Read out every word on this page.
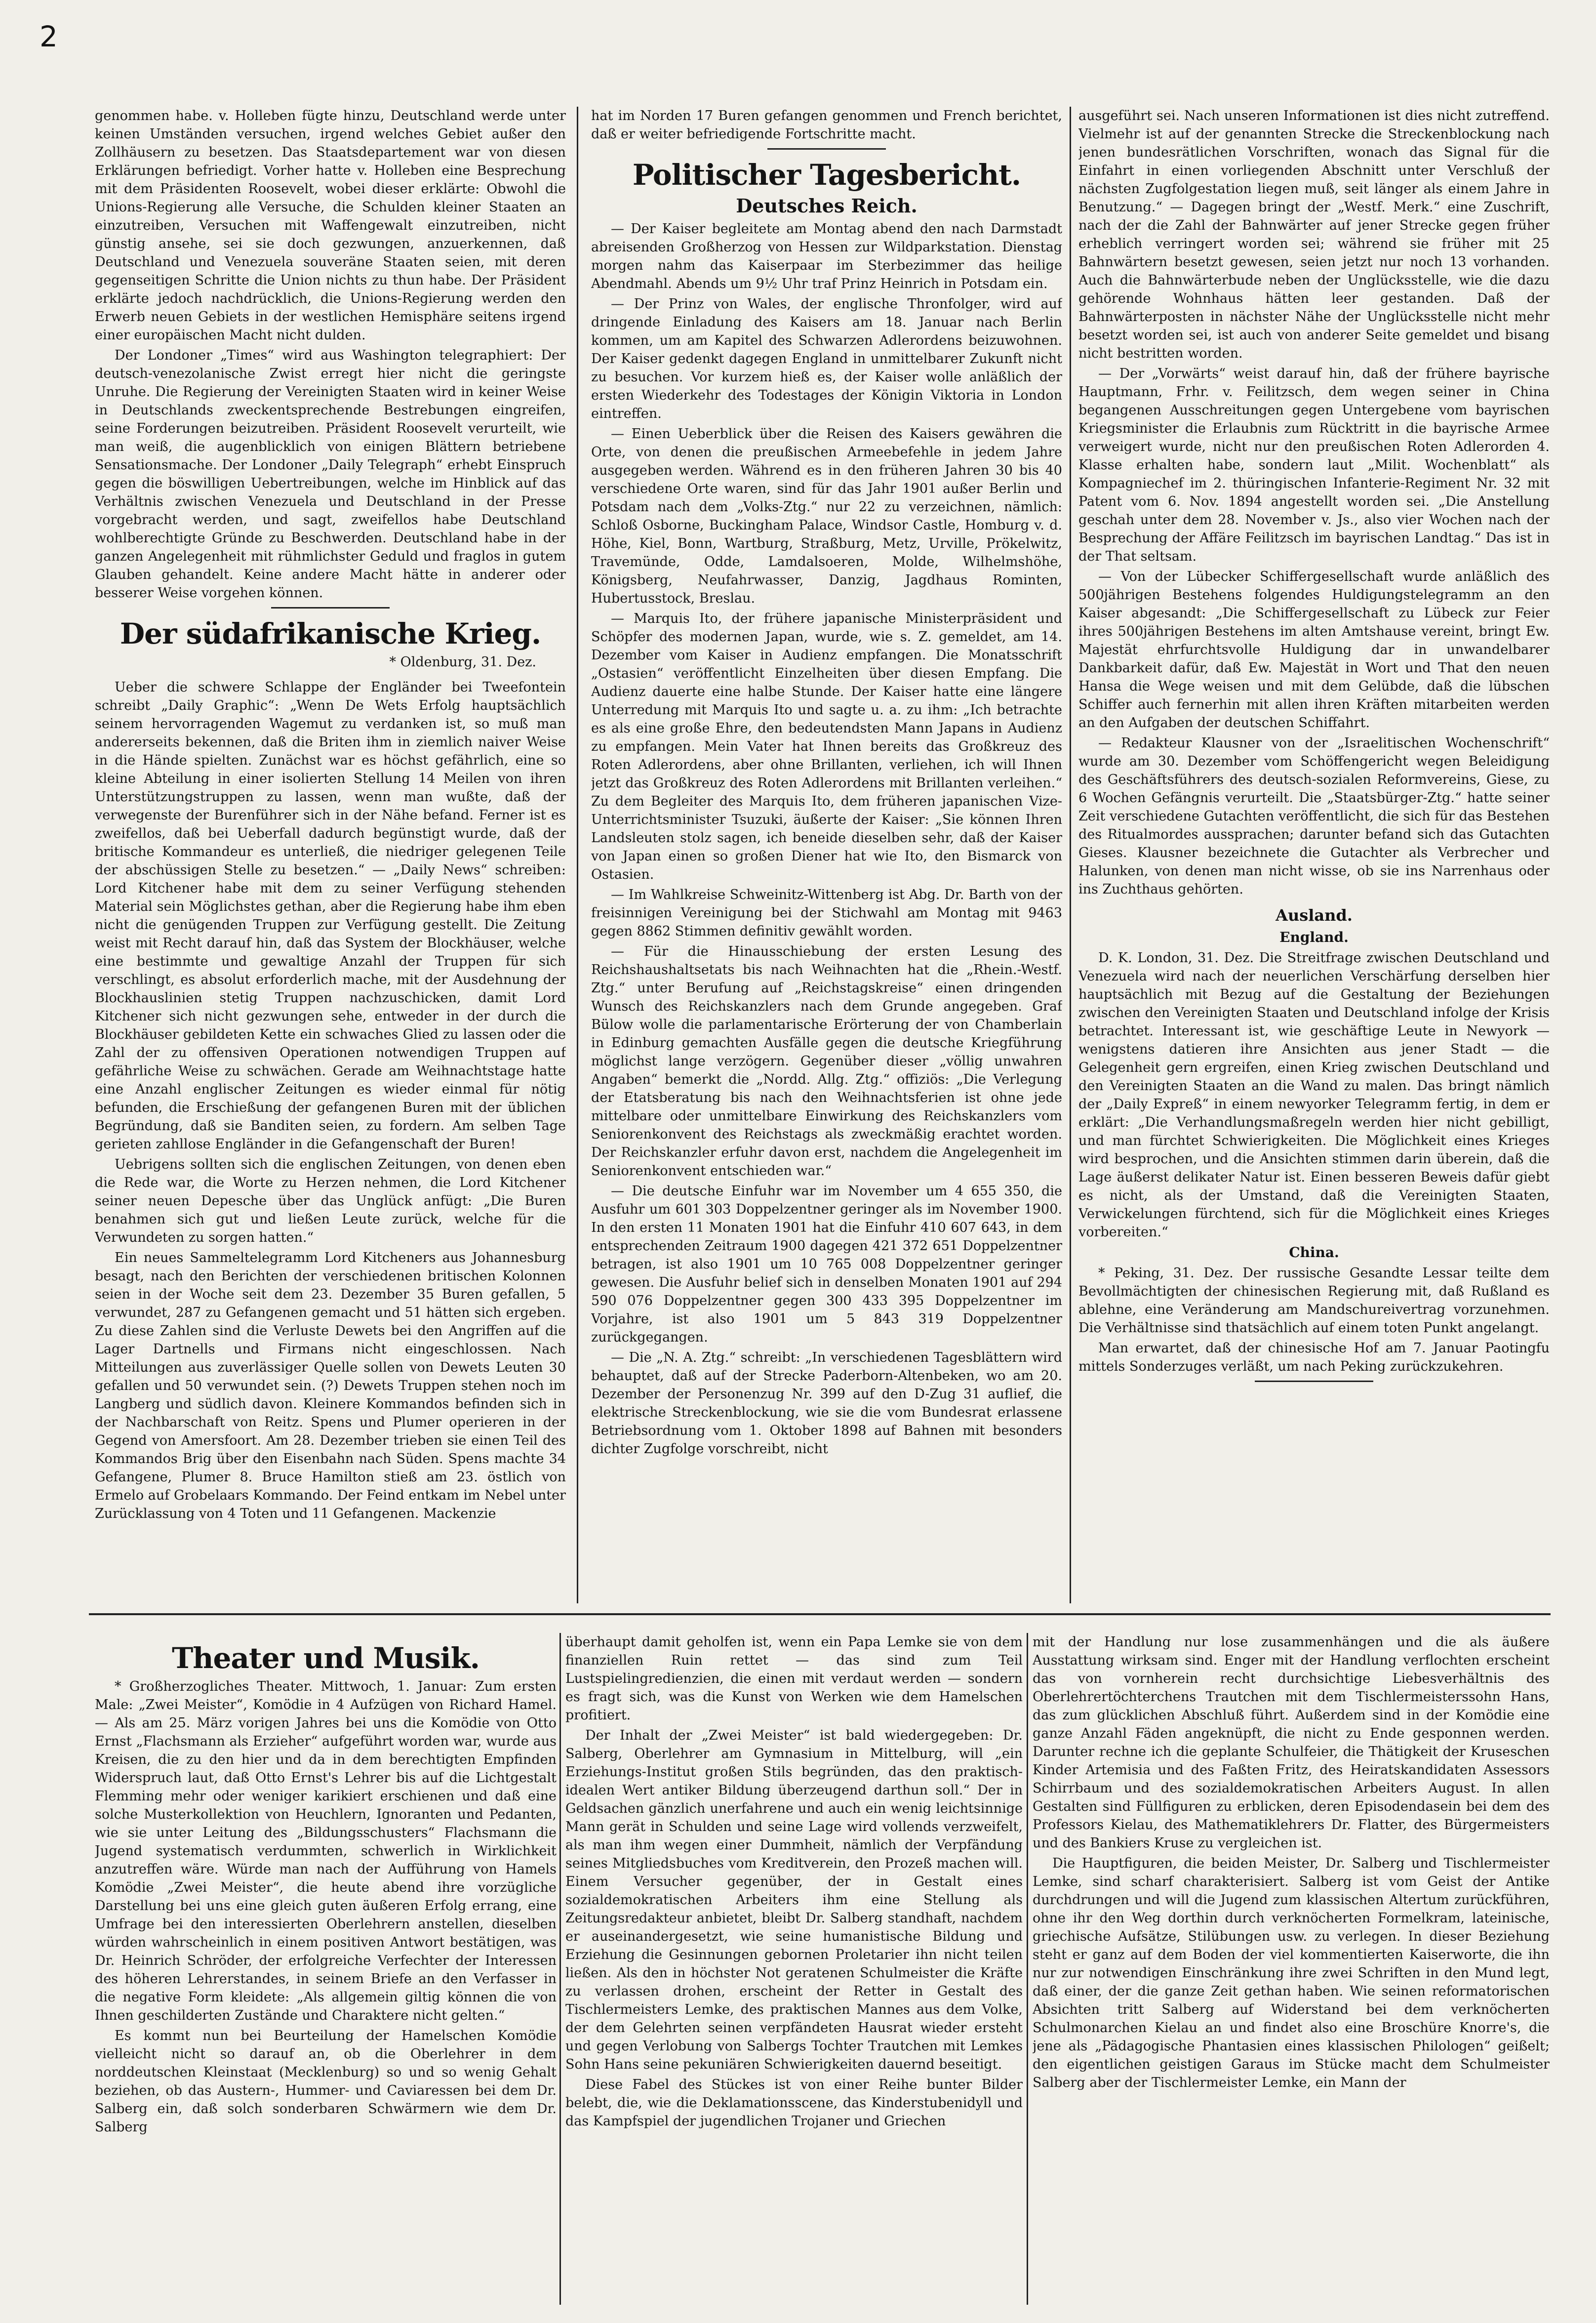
2

genommen habe. v. Holleben fügte hinzu, Deutschland werde unter keinen Umständen versuchen, irgend welches Gebiet außer den Zollhäusern zu besetzen. Das Staatsdepartement war von diesen Erklärungen befriedigt. Vorher hatte v. Holleben eine Besprechung mit dem Präsidenten Roosevelt, wobei dieser erklärte: Obwohl die Unions-Regierung alle Versuche, die Schulden kleiner Staaten an einzutreiben, Versuchen mit Waffengewalt einzutreiben, nicht günstig ansehe, sei sie doch gezwungen, anzuerkennen, daß Deutschland und Venezuela souveräne Staaten seien, mit deren gegenseitigen Schritte die Union nichts zu thun habe. Der Präsident erklärte jedoch nachdrücklich, die Unions-Regierung werden den Erwerb neuen Gebiets in der westlichen Hemisphäre seitens irgend einer europäischen Macht nicht dulden.

Der Londoner „Times“ wird aus Washington telegraphiert: Der deutsch-venezolanische Zwist erregt hier nicht die geringste Unruhe. Die Regierung der Vereinigten Staaten wird in keiner Weise in Deutschlands zweckentsprechende Bestrebungen eingreifen, seine Forderungen beizutreiben. Präsident Roosevelt verurteilt, wie man weiß, die augenblicklich von einigen Blättern betriebene Sensationsmache. Der Londoner „Daily Telegraph“ erhebt Einspruch gegen die böswilligen Uebertreibungen, welche im Hinblick auf das Verhältnis zwischen Venezuela und Deutschland in der Presse vorgebracht werden, und sagt, zweifellos habe Deutschland wohlberechtigte Gründe zu Beschwerden. Deutschland habe in der ganzen Angelegenheit mit rühmlichster Geduld und fraglos in gutem Glauben gehandelt. Keine andere Macht hätte in anderer oder besserer Weise vorgehen können.

Der südafrikanische Krieg.
* Oldenburg, 31. Dez.

Ueber die schwere Schlappe der Engländer bei Tweefontein schreibt „Daily Graphic“: „Wenn De Wets Erfolg hauptsächlich seinem hervorragenden Wagemut zu verdanken ist, so muß man andererseits bekennen, daß die Briten ihm in ziemlich naiver Weise in die Hände spielten. Zunächst war es höchst gefährlich, eine so kleine Abteilung in einer isolierten Stellung 14 Meilen von ihren Unterstützungstruppen zu lassen, wenn man wußte, daß der verwegenste der Burenführer sich in der Nähe befand. Ferner ist es zweifellos, daß bei Ueberfall dadurch begünstigt wurde, daß der britische Kommandeur es unterließ, die niedriger gelegenen Teile der abschüssigen Stelle zu besetzen.“ — „Daily News“ schreiben: Lord Kitchener habe mit dem zu seiner Verfügung stehenden Material sein Möglichstes gethan, aber die Regierung habe ihm eben nicht die genügenden Truppen zur Verfügung gestellt. Die Zeitung weist mit Recht darauf hin, daß das System der Blockhäuser, welche eine bestimmte und gewaltige Anzahl der Truppen für sich verschlingt, es absolut erforderlich mache, mit der Ausdehnung der Blockhauslinien stetig Truppen nachzuschicken, damit Lord Kitchener sich nicht gezwungen sehe, entweder in der durch die Blockhäuser gebildeten Kette ein schwaches Glied zu lassen oder die Zahl der zu offensiven Operationen notwendigen Truppen auf gefährliche Weise zu schwächen. Gerade am Weihnachtstage hatte eine Anzahl englischer Zeitungen es wieder einmal für nötig befunden, die Erschießung der gefangenen Buren mit der üblichen Begründung, daß sie Banditen seien, zu fordern. Am selben Tage gerieten zahllose Engländer in die Gefangenschaft der Buren!

Uebrigens sollten sich die englischen Zeitungen, von denen eben die Rede war, die Worte zu Herzen nehmen, die Lord Kitchener seiner neuen Depesche über das Unglück anfügt: „Die Buren benahmen sich gut und ließen Leute zurück, welche für die Verwundeten zu sorgen hatten.“

Ein neues Sammeltelegramm Lord Kitcheners aus Johannesburg besagt, nach den Berichten der verschiedenen britischen Kolonnen seien in der Woche seit dem 23. Dezember 35 Buren gefallen, 5 verwundet, 287 zu Gefangenen gemacht und 51 hätten sich ergeben. Zu diese Zahlen sind die Verluste Dewets bei den Angriffen auf die Lager Dartnells und Firmans nicht eingeschlossen. Nach Mitteilungen aus zuverlässiger Quelle sollen von Dewets Leuten 30 gefallen und 50 verwundet sein. (?) Dewets Truppen stehen noch im Langberg und südlich davon. Kleinere Kommandos befinden sich in der Nachbarschaft von Reitz. Spens und Plumer operieren in der Gegend von Amersfoort. Am 28. Dezember trieben sie einen Teil des Kommandos Brig über den Eisenbahn nach Süden. Spens machte 34 Gefangene, Plumer 8. Bruce Hamilton stieß am 23. östlich von Ermelo auf Grobelaars Kommando. Der Feind entkam im Nebel unter Zurücklassung von 4 Toten und 11 Gefangenen. Mackenzie

hat im Norden 17 Buren gefangen genommen und French berichtet, daß er weiter befriedigende Fortschritte macht.

Politischer Tagesbericht.
Deutsches Reich.

— Der Kaiser begleitete am Montag abend den nach Darmstadt abreisenden Großherzog von Hessen zur Wildparkstation. Dienstag morgen nahm das Kaiserpaar im Sterbezimmer das heilige Abendmahl. Abends um 9½ Uhr traf Prinz Heinrich in Potsdam ein.

— Der Prinz von Wales, der englische Thronfolger, wird auf dringende Einladung des Kaisers am 18. Januar nach Berlin kommen, um am Kapitel des Schwarzen Adlerordens beizuwohnen. Der Kaiser gedenkt dagegen England in unmittelbarer Zukunft nicht zu besuchen. Vor kurzem hieß es, der Kaiser wolle anläßlich der ersten Wiederkehr des Todestages der Königin Viktoria in London eintreffen.

— Einen Ueberblick über die Reisen des Kaisers gewähren die Orte, von denen die preußischen Armeebefehle in jedem Jahre ausgegeben werden. Während es in den früheren Jahren 30 bis 40 verschiedene Orte waren, sind für das Jahr 1901 außer Berlin und Potsdam nach dem „Volks-Ztg.“ nur 22 zu verzeichnen, nämlich: Schloß Osborne, Buckingham Palace, Windsor Castle, Homburg v. d. Höhe, Kiel, Bonn, Wartburg, Straßburg, Metz, Urville, Prökelwitz, Travemünde, Odde, Lamdalsoeren, Molde, Wilhelmshöhe, Königsberg, Neufahrwasser, Danzig, Jagdhaus Rominten, Hubertusstock, Breslau.

— Marquis Ito, der frühere japanische Ministerpräsident und Schöpfer des modernen Japan, wurde, wie s. Z. gemeldet, am 14. Dezember vom Kaiser in Audienz empfangen. Die Monatsschrift „Ostasien“ veröffentlicht Einzelheiten über diesen Empfang. Die Audienz dauerte eine halbe Stunde. Der Kaiser hatte eine längere Unterredung mit Marquis Ito und sagte u. a. zu ihm: „Ich betrachte es als eine große Ehre, den bedeutendsten Mann Japans in Audienz zu empfangen. Mein Vater hat Ihnen bereits das Großkreuz des Roten Adlerordens, aber ohne Brillanten, verliehen, ich will Ihnen jetzt das Großkreuz des Roten Adlerordens mit Brillanten verleihen.“ Zu dem Begleiter des Marquis Ito, dem früheren japanischen Vize-Unterrichtsminister Tsuzuki, äußerte der Kaiser: „Sie können Ihren Landsleuten stolz sagen, ich beneide dieselben sehr, daß der Kaiser von Japan einen so großen Diener hat wie Ito, den Bismarck von Ostasien.

— Im Wahlkreise Schweinitz-Wittenberg ist Abg. Dr. Barth von der freisinnigen Vereinigung bei der Stichwahl am Montag mit 9463 gegen 8862 Stimmen definitiv gewählt worden.

— Für die Hinausschiebung der ersten Lesung des Reichshaushaltsetats bis nach Weihnachten hat die „Rhein.-Westf. Ztg.“ unter Berufung auf „Reichstagskreise“ einen dringenden Wunsch des Reichskanzlers nach dem Grunde angegeben. Graf Bülow wolle die parlamentarische Erörterung der von Chamberlain in Edinburg gemachten Ausfälle gegen die deutsche Kriegführung möglichst lange verzögern. Gegenüber dieser „völlig unwahren Angaben“ bemerkt die „Nordd. Allg. Ztg.“ offiziös: „Die Verlegung der Etatsberatung bis nach den Weihnachtsferien ist ohne jede mittelbare oder unmittelbare Einwirkung des Reichskanzlers vom Seniorenkonvent des Reichstags als zweckmäßig erachtet worden. Der Reichskanzler erfuhr davon erst, nachdem die Angelegenheit im Seniorenkonvent entschieden war.“

— Die deutsche Einfuhr war im November um 4 655 350, die Ausfuhr um 601 303 Doppelzentner geringer als im November 1900. In den ersten 11 Monaten 1901 hat die Einfuhr 410 607 643, in dem entsprechenden Zeitraum 1900 dagegen 421 372 651 Doppelzentner betragen, ist also 1901 um 10 765 008 Doppelzentner geringer gewesen. Die Ausfuhr belief sich in denselben Monaten 1901 auf 294 590 076 Doppelzentner gegen 300 433 395 Doppelzentner im Vorjahre, ist also 1901 um 5 843 319 Doppelzentner zurückgegangen.

— Die „N. A. Ztg.“ schreibt: „In verschiedenen Tagesblättern wird behauptet, daß auf der Strecke Paderborn-Altenbeken, wo am 20. Dezember der Personenzug Nr. 399 auf den D-Zug 31 auflief, die elektrische Streckenblockung, wie sie die vom Bundesrat erlassene Betriebsordnung vom 1. Oktober 1898 auf Bahnen mit besonders dichter Zugfolge vorschreibt, nicht

ausgeführt sei. Nach unseren Informationen ist dies nicht zutreffend. Vielmehr ist auf der genannten Strecke die Streckenblockung nach jenen bundesrätlichen Vorschriften, wonach das Signal für die Einfahrt in einen vorliegenden Abschnitt unter Verschluß der nächsten Zugfolgestation liegen muß, seit länger als einem Jahre in Benutzung.“ — Dagegen bringt der „Westf. Merk.“ eine Zuschrift, nach der die Zahl der Bahnwärter auf jener Strecke gegen früher erheblich verringert worden sei; während sie früher mit 25 Bahnwärtern besetzt gewesen, seien jetzt nur noch 13 vorhanden. Auch die Bahnwärterbude neben der Unglücksstelle, wie die dazu gehörende Wohnhaus hätten leer gestanden. Daß der Bahnwärterposten in nächster Nähe der Unglücksstelle nicht mehr besetzt worden sei, ist auch von anderer Seite gemeldet und bisang nicht bestritten worden.

— Der „Vorwärts“ weist darauf hin, daß der frühere bayrische Hauptmann, Frhr. v. Feilitzsch, dem wegen seiner in China begangenen Ausschreitungen gegen Untergebene vom bayrischen Kriegsminister die Erlaubnis zum Rücktritt in die bayrische Armee verweigert wurde, nicht nur den preußischen Roten Adlerorden 4. Klasse erhalten habe, sondern laut „Milit. Wochenblatt“ als Kompagniechef im 2. thüringischen Infanterie-Regiment Nr. 32 mit Patent vom 6. Nov. 1894 angestellt worden sei. „Die Anstellung geschah unter dem 28. November v. Js., also vier Wochen nach der Besprechung der Affäre Feilitzsch im bayrischen Landtag.“ Das ist in der That seltsam.

— Von der Lübecker Schiffergesellschaft wurde anläßlich des 500jährigen Bestehens folgendes Huldigungstelegramm an den Kaiser abgesandt: „Die Schiffergesellschaft zu Lübeck zur Feier ihres 500jährigen Bestehens im alten Amtshause vereint, bringt Ew. Majestät ehrfurchtsvolle Huldigung dar in unwandelbarer Dankbarkeit dafür, daß Ew. Majestät in Wort und That den neuen Hansa die Wege weisen und mit dem Gelübde, daß die lübschen Schiffer auch fernerhin mit allen ihren Kräften mitarbeiten werden an den Aufgaben der deutschen Schiffahrt.

— Redakteur Klausner von der „Israelitischen Wochenschrift“ wurde am 30. Dezember vom Schöffengericht wegen Beleidigung des Geschäftsführers des deutsch-sozialen Reformvereins, Giese, zu 6 Wochen Gefängnis verurteilt. Die „Staatsbürger-Ztg.“ hatte seiner Zeit verschiedene Gutachten veröffentlicht, die sich für das Bestehen des Ritualmordes aussprachen; darunter befand sich das Gutachten Gieses. Klausner bezeichnete die Gutachter als Verbrecher und Halunken, von denen man nicht wisse, ob sie ins Narrenhaus oder ins Zuchthaus gehörten.

Ausland.
England.

D. K. London, 31. Dez. Die Streitfrage zwischen Deutschland und Venezuela wird nach der neuerlichen Verschärfung derselben hier hauptsächlich mit Bezug auf die Gestaltung der Beziehungen zwischen den Vereinigten Staaten und Deutschland infolge der Krisis betrachtet. Interessant ist, wie geschäftige Leute in Newyork — wenigstens datieren ihre Ansichten aus jener Stadt — die Gelegenheit gern ergreifen, einen Krieg zwischen Deutschland und den Vereinigten Staaten an die Wand zu malen. Das bringt nämlich der „Daily Expreß“ in einem newyorker Telegramm fertig, in dem er erklärt: „Die Verhandlungsmaßregeln werden hier nicht gebilligt, und man fürchtet Schwierigkeiten. Die Möglichkeit eines Krieges wird besprochen, und die Ansichten stimmen darin überein, daß die Lage äußerst delikater Natur ist. Einen besseren Beweis dafür giebt es nicht, als der Umstand, daß die Vereinigten Staaten, Verwickelungen fürchtend, sich für die Möglichkeit eines Krieges vorbereiten.“

China.

* Peking, 31. Dez. Der russische Gesandte Lessar teilte dem Bevollmächtigten der chinesischen Regierung mit, daß Rußland es ablehne, eine Veränderung am Mandschureivertrag vorzunehmen. Die Verhältnisse sind thatsächlich auf einem toten Punkt angelangt.

Man erwartet, daß der chinesische Hof am 7. Januar Paotingfu mittels Sonderzuges verläßt, um nach Peking zurückzukehren.

Theater und Musik.

* Großherzogliches Theater. Mittwoch, 1. Januar: Zum ersten Male: „Zwei Meister“, Komödie in 4 Aufzügen von Richard Hamel. — Als am 25. März vorigen Jahres bei uns die Komödie von Otto Ernst „Flachsmann als Erzieher“ aufgeführt worden war, wurde aus Kreisen, die zu den hier und da in dem berechtigten Empfinden Widerspruch laut, daß Otto Ernst's Lehrer bis auf die Lichtgestalt Flemming mehr oder weniger karikiert erschienen und daß eine solche Musterkollektion von Heuchlern, Ignoranten und Pedanten, wie sie unter Leitung des „Bildungsschusters“ Flachsmann die Jugend systematisch verdummten, schwerlich in Wirklichkeit anzutreffen wäre. Würde man nach der Aufführung von Hamels Komödie „Zwei Meister“, die heute abend ihre vorzügliche Darstellung bei uns eine gleich guten äußeren Erfolg errang, eine Umfrage bei den interessierten Oberlehrern anstellen, dieselben würden wahrscheinlich in einem positiven Antwort bestätigen, was Dr. Heinrich Schröder, der erfolgreiche Verfechter der Interessen des höheren Lehrerstandes, in seinem Briefe an den Verfasser in die negative Form kleidete: „Als allgemein giltig können die von Ihnen geschilderten Zustände und Charaktere nicht gelten.“

Es kommt nun bei Beurteilung der Hamelschen Komödie vielleicht nicht so darauf an, ob die Oberlehrer in dem norddeutschen Kleinstaat (Mecklenburg) so und so wenig Gehalt beziehen, ob das Austern-, Hummer- und Caviaressen bei dem Dr. Salberg ein, daß solch sonderbaren Schwärmern wie dem Dr. Salberg

überhaupt damit geholfen ist, wenn ein Papa Lemke sie von dem finanziellen Ruin rettet — das sind zum Teil Lustspielingredienzien, die einen mit verdaut werden — sondern es fragt sich, was die Kunst von Werken wie dem Hamelschen profitiert.

Der Inhalt der „Zwei Meister“ ist bald wiedergegeben: Dr. Salberg, Oberlehrer am Gymnasium in Mittelburg, will „ein Erziehungs-Institut großen Stils begründen, das den praktisch-idealen Wert antiker Bildung überzeugend darthun soll.“ Der in Geldsachen gänzlich unerfahrene und auch ein wenig leichtsinnige Mann gerät in Schulden und seine Lage wird vollends verzweifelt, als man ihm wegen einer Dummheit, nämlich der Verpfändung seines Mitgliedsbuches vom Kreditverein, den Prozeß machen will. Einem Versucher gegenüber, der in Gestalt eines sozialdemokratischen Arbeiters ihm eine Stellung als Zeitungsredakteur anbietet, bleibt Dr. Salberg standhaft, nachdem er auseinandergesetzt, wie seine humanistische Bildung und Erziehung die Gesinnungen gebornen Proletarier ihn nicht teilen ließen. Als den in höchster Not geratenen Schulmeister die Kräfte zu verlassen drohen, erscheint der Retter in Gestalt des Tischlermeisters Lemke, des praktischen Mannes aus dem Volke, der dem Gelehrten seinen verpfändeten Hausrat wieder ersteht und gegen Verlobung von Salbergs Tochter Trautchen mit Lemkes Sohn Hans seine pekuniären Schwierigkeiten dauernd beseitigt.

Diese Fabel des Stückes ist von einer Reihe bunter Bilder belebt, die, wie die Deklamationsscene, das Kinderstubenidyll und das Kampfspiel der jugendlichen Trojaner und Griechen

mit der Handlung nur lose zusammenhängen und die als äußere Ausstattung wirksam sind. Enger mit der Handlung verflochten erscheint das von vornherein recht durchsichtige Liebesverhältnis des Oberlehrertöchterchens Trautchen mit dem Tischlermeisterssohn Hans, das zum glücklichen Abschluß führt. Außerdem sind in der Komödie eine ganze Anzahl Fäden angeknüpft, die nicht zu Ende gesponnen werden. Darunter rechne ich die geplante Schulfeier, die Thätigkeit der Kruseschen Kinder Artemisia und des Faßten Fritz, des Heiratskandidaten Assessors Schirrbaum und des sozialdemokratischen Arbeiters August. In allen Gestalten sind Füllfiguren zu erblicken, deren Episodendasein bei dem des Professors Kielau, des Mathematiklehrers Dr. Flatter, des Bürgermeisters und des Bankiers Kruse zu vergleichen ist.

Die Hauptfiguren, die beiden Meister, Dr. Salberg und Tischlermeister Lemke, sind scharf charakterisiert. Salberg ist vom Geist der Antike durchdrungen und will die Jugend zum klassischen Altertum zurückführen, ohne ihr den Weg dorthin durch verknöcherten Formelkram, lateinische, griechische Aufsätze, Stilübungen usw. zu verlegen. In dieser Beziehung steht er ganz auf dem Boden der viel kommentierten Kaiserworte, die ihn nur zur notwendigen Einschränkung ihre zwei Schriften in den Mund legt, daß einer, der die ganze Zeit gethan haben. Wie seinen reformatorischen Absichten tritt Salberg auf Widerstand bei dem verknöcherten Schulmonarchen Kielau an und findet also eine Broschüre Knorre's, die jene als „Pädagogische Phantasien eines klassischen Philologen“ geißelt; den eigentlichen geistigen Garaus im Stücke macht dem Schulmeister Salberg aber der Tischlermeister Lemke, ein Mann der
